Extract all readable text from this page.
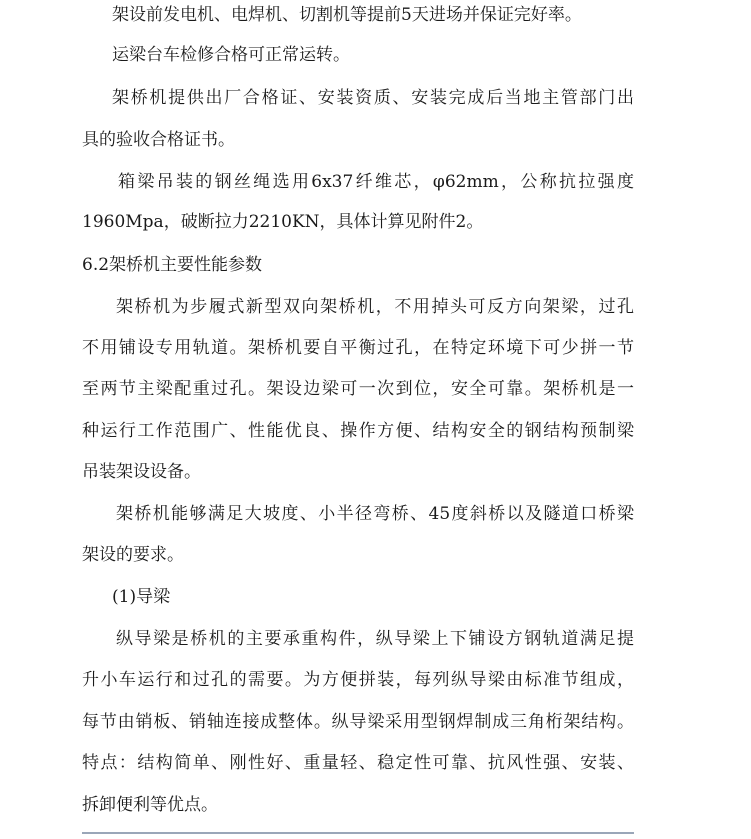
架设前发电机、电焊机、切割机等提前5天进场并保证完好率。
运梁台车检修合格可正常运转。
架桥机提供出厂合格证、安装资质、安装完成后当地主管部门出
具的验收合格证书。
箱梁吊装的钢丝绳选用6x37纤维芯，φ62mm，公称抗拉强度
1960Mpa，破断拉力2210KN，具体计算见附件2。
6.2架桥机主要性能参数
架桥机为步履式新型双向架桥机，不用掉头可反方向架梁，过孔
不用铺设专用轨道。架桥机要自平衡过孔，在特定环境下可少拼一节
至两节主梁配重过孔。架设边梁可一次到位，安全可靠。架桥机是一
种运行工作范围广、性能优良、操作方便、结构安全的钢结构预制梁
吊装架设设备。
架桥机能够满足大坡度、小半径弯桥、45度斜桥以及隧道口桥梁
架设的要求。
(1)导梁
纵导梁是桥机的主要承重构件，纵导梁上下铺设方钢轨道满足提
升小车运行和过孔的需要。为方便拼装，每列纵导梁由标准节组成，
每节由销板、销轴连接成整体。纵导梁采用型钢焊制成三角桁架结构。
特点：结构简单、刚性好、重量轻、稳定性可靠、抗风性强、安装、
拆卸便利等优点。
